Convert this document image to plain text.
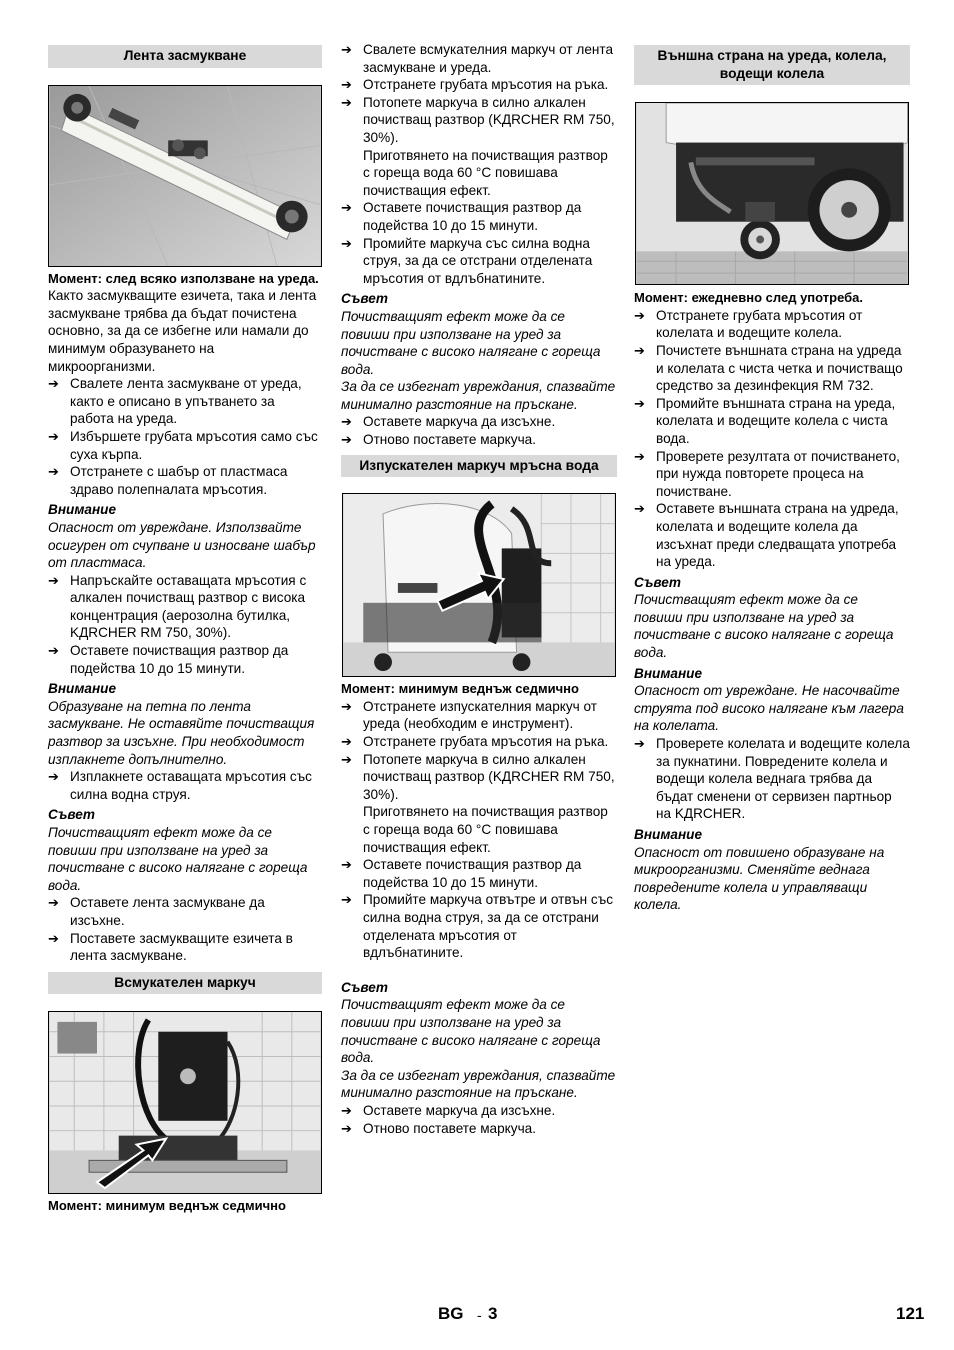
Лента засмукване
Момент: след всяко използване на уреда.
Както засмукващите езичета, така и лента засмукване трябва да бъдат почистена основно, за да се избегне или намали до минимум образуването на микроорганизми.
➔ Свалете лента засмукване от уреда, както е описано в упътването за работа на уреда.
➔ Избършете грубата мръсотия само със суха кърпа.
➔ Отстранете с шабър от пластмаса здраво полепналата мръсотия.
Внимание
Опасност от увреждане. Използвайте осигурен от счупване и износване шабър от пластмаса.
➔ Напръскайте оставащата мръсотия с алкален почистващ разтвор с висока концентрация (аерозолна бутилка, KДRCHER RM 750, 30%).
➔ Оставете почистващия разтвор да подейства 10 до 15 минути.
Внимание
Образуване на петна по лента засмукване. Не оставяйте почистващия разтвор за изсъхне. При необходимост изплакнете допълнително.
➔ Изплакнете оставащата мръсотия със силна водна струя.
Съвет
Почистващият ефект може да се повиши при използване на уред за почистване с високо налягане с гореща вода.
➔ Оставете лента засмукване да изсъхне.
➔ Поставете засмукващите езичета в лента засмукване.
Всмукателен маркуч
Момент: минимум веднъж седмично
➔ Свалете всмукателния маркуч от лента засмукване и уреда.
➔ Отстранете грубата мръсотия на ръка.
➔ Потопете маркуча в силно алкален почистващ разтвор (KДRCHER RM 750, 30%).
Приготвянето на почистващия разтвор с гореща вода 60 °C повишава почистващия ефект.
➔ Оставете почистващия разтвор да подейства 10 до 15 минути.
➔ Промийте маркуча със силна водна струя, за да се отстрани отделената мръсотия от вдлъбнатините.
Съвет
Почистващият ефект може да се повиши при използване на уред за почистване с високо налягане с гореща вода.
За да се избегнат увреждания, спазвайте минимално разстояние на пръскане.
➔ Оставете маркуча да изсъхне.
➔ Отново поставете маркуча.
Изпускателен маркуч мръсна вода
Момент: минимум веднъж седмично
➔ Отстранете изпускателния маркуч от уреда (необходим е инструмент).
➔ Отстранете грубата мръсотия на ръка.
➔ Потопете маркуча в силно алкален почистващ разтвор (KДRCHER RM 750, 30%).
Приготвянето на почистващия разтвор с гореща вода 60 °C повишава почистващия ефект.
➔ Оставете почистващия разтвор да подейства 10 до 15 минути.
➔ Промийте маркуча отвътре и отвън със силна водна струя, за да се отстрани отделената мръсотия от вдлъбнатините.
Съвет
Почистващият ефект може да се повиши при използване на уред за почистване с високо налягане с гореща вода.
За да се избегнат увреждания, спазвайте минимално разстояние на пръскане.
➔ Оставете маркуча да изсъхне.
➔ Отново поставете маркуча.
Външна страна на уреда, колела, водещи колела
Момент: ежедневно след употреба.
➔ Отстранете грубата мръсотия от колелата и водещите колела.
➔ Почистете външната страна на удреда и колелата с чиста четка и почистващо средство за дезинфекция RM 732.
➔ Промийте външната страна на уреда, колелата и водещите колела с чиста вода.
➔ Проверете резултата от почистването, при нужда повторете процеса на почистване.
➔ Оставете външната страна на удреда, колелата и водещите колела да изсъхнат преди следващата употреба на уреда.
Съвет
Почистващият ефект може да се повиши при използване на уред за почистване с високо налягане с гореща вода.
Внимание
Опасност от увреждане. Не насочвайте струята под високо налягане към лагера на колелата.
➔ Проверете колелата и водещите колела за пукнатини. Повредените колела и водещи колела веднага трябва да бъдат сменени от сервизен партньор на KДRCHER.
Внимание
Опасност от повишено образуване на микроорганизми. Сменяйте веднага повредените колела и управляващи колела.
BG - 3	121
